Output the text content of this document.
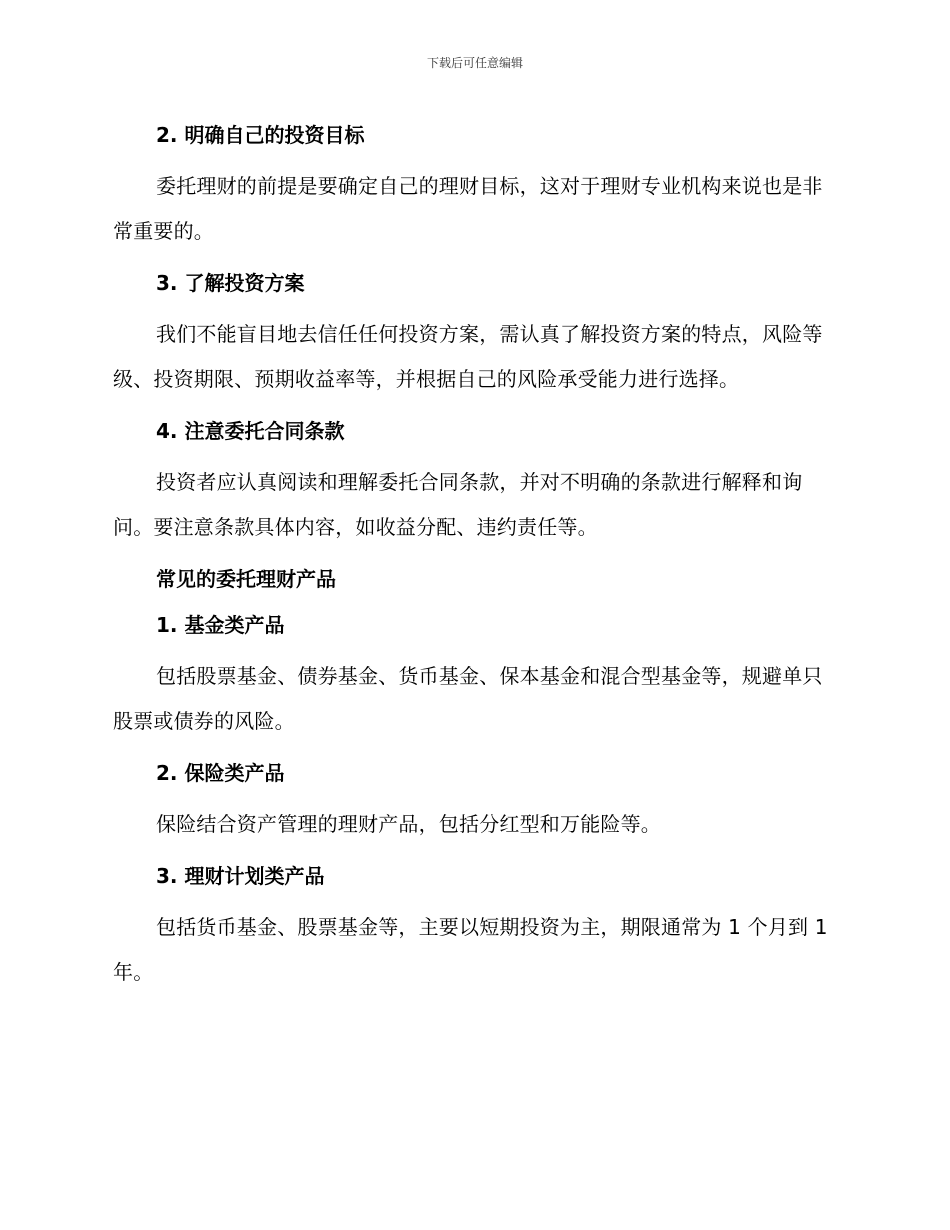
下载后可任意编辑
2. 明确自己的投资目标

委托理财的前提是要确定自己的理财目标，这对于理财专业机构来说也是非常重要的。

3. 了解投资方案

我们不能盲目地去信任任何投资方案，需认真了解投资方案的特点，风险等级、投资期限、预期收益率等，并根据自己的风险承受能力进行选择。

4. 注意委托合同条款

投资者应认真阅读和理解委托合同条款，并对不明确的条款进行解释和询问。要注意条款具体内容，如收益分配、违约责任等。

常见的委托理财产品
1. 基金类产品

包括股票基金、债券基金、货币基金、保本基金和混合型基金等，规避单只股票或债券的风险。

2. 保险类产品

保险结合资产管理的理财产品，包括分红型和万能险等。

3. 理财计划类产品

包括货币基金、股票基金等，主要以短期投资为主，期限通常为 1 个月到 1 年。
